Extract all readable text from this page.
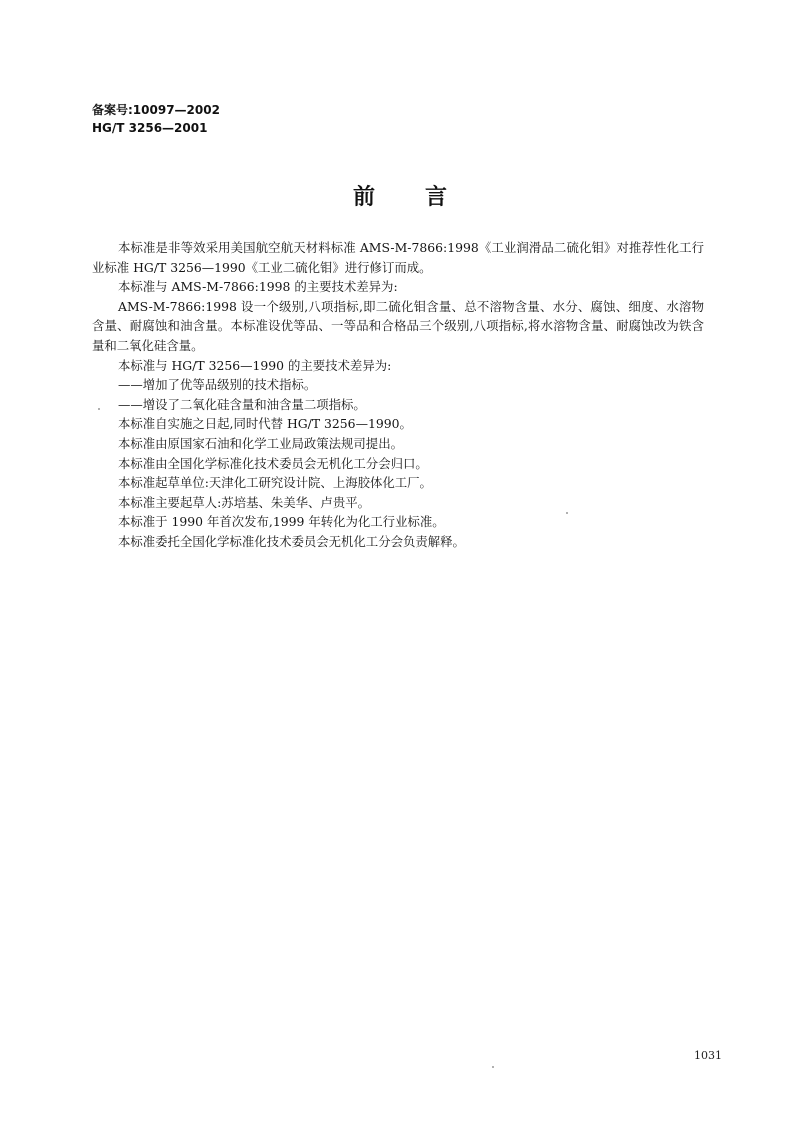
备案号:10097—2002
HG/T 3256—2001
前言

本标准是非等效采用美国航空航天材料标准 AMS-M-7866:1998《工业润滑品二硫化钼》对推荐性化工行业标准 HG/T 3256—1990《工业二硫化钼》进行修订而成。

本标准与 AMS-M-7866:1998 的主要技术差异为:

AMS-M-7866:1998 设一个级别,八项指标,即二硫化钼含量、总不溶物含量、水分、腐蚀、细度、水溶物含量、耐腐蚀和油含量。本标准设优等品、一等品和合格品三个级别,八项指标,将水溶物含量、耐腐蚀改为铁含量和二氧化硅含量。

本标准与 HG/T 3256—1990 的主要技术差异为:

——增加了优等品级别的技术指标。

——增设了二氧化硅含量和油含量二项指标。

本标准自实施之日起,同时代替 HG/T 3256—1990。

本标准由原国家石油和化学工业局政策法规司提出。

本标准由全国化学标准化技术委员会无机化工分会归口。

本标准起草单位:天津化工研究设计院、上海胶体化工厂。

本标准主要起草人:苏培基、朱美华、卢贵平。

本标准于 1990 年首次发布,1999 年转化为化工行业标准。

本标准委托全国化学标准化技术委员会无机化工分会负责解释。

1031
